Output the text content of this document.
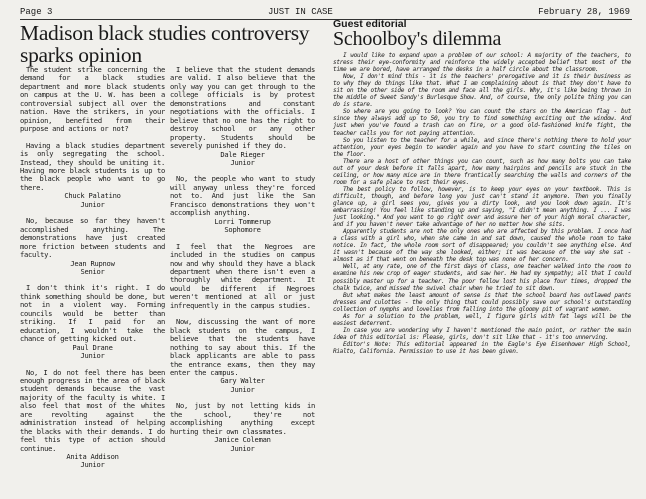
Page 3	JUST IN CASE	February 28, 1969
Madison black studies controversy sparks opinion
Guest editorial
Schoolboy's dilemma

The student strike concerning the demand for a black studies department and more black students on campus at the U. W. has been a controversial subject all over the nation. Have the strikers, in your opinion, benefited from their purpose and actions or not?

Having a black studies department is only segregating the school. Instead, they should be uniting it. Having more black students is up to the black people who want to go there.

Chuck Palatino
Junior

No, because so far they haven't accomplished anything. The demonstrations have just created more friction between students and faculty.

Jean Rupnow
Senior

I don't think it's right. I do think something should be done, but not in a violent way. Forming councils would be better than striking. If I paid for an education, I wouldn't take the chance of getting kicked out.

Paul Drane
Junior

No, I do not feel there has been enough progress in the area of black student demands because the vast majority of the faculty is white. I also feel that most of the whites are revolting against the administration instead of helping the blacks with their demands. I do feel this type of action should continue.

Anita Addison
Junior

I believe that the student demands are valid. I also believe that the only way you can get through to the college officials is by protest demonstrations and constant negotiations with the officials. I believe that no one has the right to destroy school or any other property. Students should be severely punished if they do.

Dale Rieger
Junior

No, the people who want to study will anyway unless they're forced not to. And just like the San Francisco demonstrations they won't accomplish anything.

Lorri Tommerup
Sophomore

I feel that the Negroes are included in the studies on campus now and why should they have a black department when there isn't even a thoroughly white department. It would be different if Negroes weren't mentioned at all or just infrequently in the campus studies.

Now, discussing the want of more black students on the campus, I believe that the students have nothing to say about this. If the black applicants are able to pass the entrance exams, then they may enter the campus.

Gary Walter
Junior

No, just by not letting kids in the school, they're not accomplishing anything except hurting their own classmates.

Janice Coleman
Junior

I would like to expand upon a problem of our school: A majority of the teachers, to stress their eye-conformity and reinforce the widely accepted belief that most of the time we are bored, have arranged the desks in a half circle about the classroom.

Now, I don't mind this - it is the teachers' prerogative and it is their business as to why they do things like that. What I am complaining about is that they don't have to sit on the other side of the room and face all the girls. Why, it's like being thrown in the middle of Sweet Sandy's Burlesque Show. And, of course, the only polite thing you can do is stare.

So where are you going to look? You can count the stars on the American flag - but since they always add up to 50, you try to find something exciting out the window. And just when you've found a trash can on fire, or a good old-fashioned knife fight, the teacher calls you for not paying attention.

So you listen to the teacher for a while, and since there's nothing there to hold your attention, your eyes begin to wander again and you have to start counting the tiles on the floor.

There are a host of other things you can count, such as how many bolts you can take out of your desk before it falls apart, how many hairpins and pencils are stuck in the ceiling, or how many mice are in there frantically searching the walls and corners of the room for a safe place to rest their eyes.

The best policy to follow, however, is to keep your eyes on your textbook. This is difficult, though, and before long you just can't stand it anymore. Then you finally glance up, a girl sees you, gives you a dirty look, and you look down again. It's embarrassing! You feel like standing up and saying, "I didn't mean anything. I ... I was just looking." And you want to go right over and assure her of your high moral character, and if you haven't never take advantage of her no matter how she sits.

Apparently students are not the only ones who are affected by this problem. I once had a class with a girl who, when she came in and sat down, caused the whole room to take notice. In fact, the whole room sort of disappeared; you couldn't see anything else. And it wasn't because of the way she looked, either; it was because of the way she sat - almost as if that went on beneath the desk top was none of her concern.

Well, at any rate, one of the first days of class, one teacher walked into the room to examine his new crop of eager students, and saw her. He had my sympathy; all that I could possibly master up for a teacher. The poor fellow lost his place four times, dropped the chalk twice, and missed the swivel chair when he tried to sit down.

But what makes the least amount of sense is that the school board has outlawed pants dresses and culottes - the only thing that could possibly save our school's outstanding collection of nymphs and lovelies from falling into the gloomy pit of vagrant women.

As for a solution to the problem, well, I figure girls with fat legs will be the easiest deterrent.

In case you are wondering why I haven't mentioned the main point, or rather the main idea of this editorial is: Please, girls, don't sit like that - it's too unnerving.

Editor's Note: This editorial appeared in the Eagle's Eye Eisenhower High School, Rialto, California. Permission to use it has been given.
